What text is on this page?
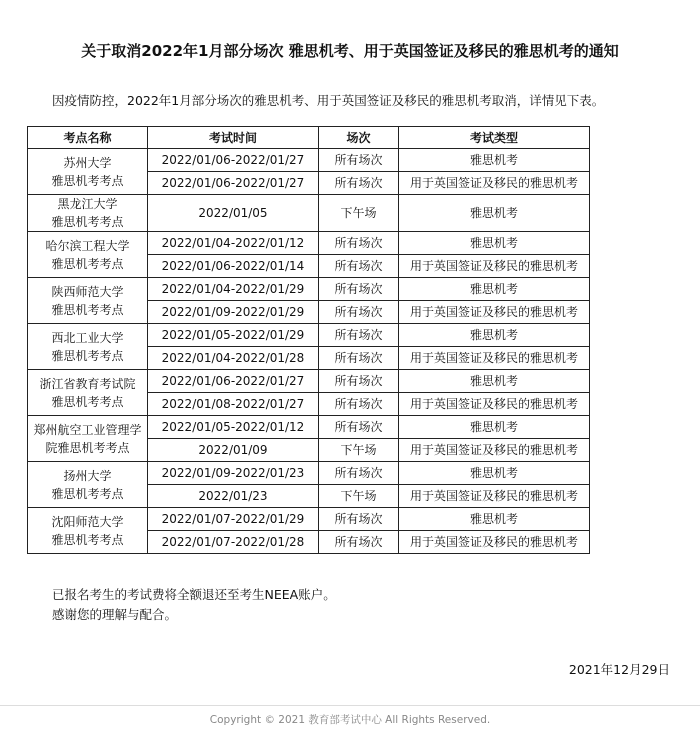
关于取消2022年1月部分场次 雅思机考、用于英国签证及移民的雅思机考的通知
因疫情防控，2022年1月部分场次的雅思机考、用于英国签证及移民的雅思机考取消，详情见下表。
考点名称	考试时间	场次	考试类型

苏州大学
雅思机考考点	2022/01/06-2022/01/27	所有场次	雅思机考
	2022/01/06-2022/01/27	所有场次	用于英国签证及移民的雅思机考

黑龙江大学
雅思机考考点	2022/01/05	下午场	雅思机考

哈尔滨工程大学
雅思机考考点	2022/01/04-2022/01/12	所有场次	雅思机考
	2022/01/06-2022/01/14	所有场次	用于英国签证及移民的雅思机考

陕西师范大学
雅思机考考点	2022/01/04-2022/01/29	所有场次	雅思机考
	2022/01/09-2022/01/29	所有场次	用于英国签证及移民的雅思机考

西北工业大学
雅思机考考点	2022/01/05-2022/01/29	所有场次	雅思机考
	2022/01/04-2022/01/28	所有场次	用于英国签证及移民的雅思机考

浙江省教育考试院
雅思机考考点	2022/01/06-2022/01/27	所有场次	雅思机考
	2022/01/08-2022/01/27	所有场次	用于英国签证及移民的雅思机考

郑州航空工业管理学
院雅思机考考点	2022/01/05-2022/01/12	所有场次	雅思机考
	2022/01/09	下午场	用于英国签证及移民的雅思机考

扬州大学
雅思机考考点	2022/01/09-2022/01/23	所有场次	雅思机考
	2022/01/23	下午场	用于英国签证及移民的雅思机考

沈阳师范大学
雅思机考考点	2022/01/07-2022/01/29	所有场次	雅思机考
	2022/01/07-2022/01/28	所有场次	用于英国签证及移民的雅思机考
已报名考生的考试费将全额退还至考生NEEA账户。
感谢您的理解与配合。
2021年12月29日
Copyright © 2021 教育部考试中心 All Rights Reserved.
